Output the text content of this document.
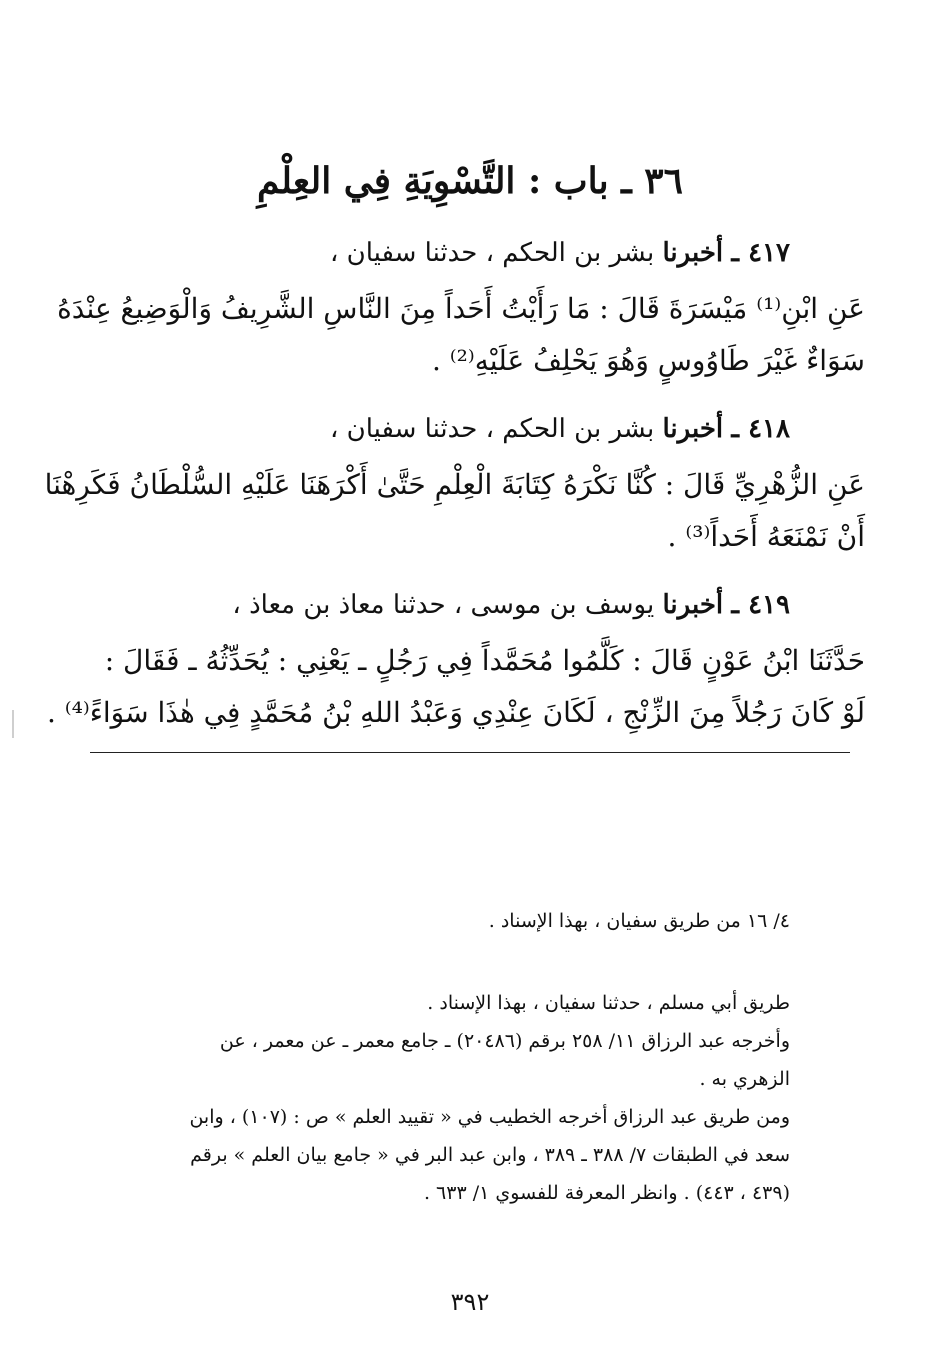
٣٦ ـ باب : التَّسْوِيَةِ فِي العِلْمِ
٤١٧ ـ أخبرنا بشر بن الحكم ، حدثنا سفيان ،
عَنِ ابْنِ⁽¹⁾ مَيْسَرَةَ قَالَ : مَا رَأَيْتُ أَحَداً مِنَ النَّاسِ الشَّرِيفُ وَالْوَضِيعُ عِنْدَهُ
سَوَاءٌ غَيْرَ طَاوُوسٍ وَهُوَ يَحْلِفُ عَلَيْهِ⁽²⁾ .
٤١٨ ـ أخبرنا بشر بن الحكم ، حدثنا سفيان ،
عَنِ الزُّهْرِيِّ قَالَ : كُنَّا نَكْرَهُ كِتَابَةَ الْعِلْمِ حَتَّىٰ أَكْرَهَنَا عَلَيْهِ السُّلْطَانُ فَكَرِهْنَا
أَنْ نَمْنَعَهُ أَحَداً⁽³⁾ .
٤١٩ ـ أخبرنا يوسف بن موسى ، حدثنا معاذ بن معاذ ،
حَدَّثَنَا ابْنُ عَوْنٍ قَالَ : كَلَّمُوا مُحَمَّداً فِي رَجُلٍ ـ يَعْنِي : يُحَدِّثُهُ ـ فَقَالَ :
لَوْ كَانَ رَجُلاً مِنَ الزِّنْجِ ، لَكَانَ عِنْدِي وَعَبْدُ اللهِ بْنُ مُحَمَّدٍ فِي هٰذَا سَوَاءً⁽⁴⁾ .
٤/ ١٦ من طريق سفيان ، بهذا الإسناد .
طريق أبي مسلم ، حدثنا سفيان ، بهذا الإسناد .
وأخرجه عبد الرزاق ١١/ ٢٥٨ برقم (٢٠٤٨٦) ـ جامع معمر ـ عن معمر ، عن
الزهري به .
ومن طريق عبد الرزاق أخرجه الخطيب في « تقييد العلم » ص : (١٠٧) ، وابن
سعد في الطبقات ٧/ ٣٨٨ ـ ٣٨٩ ، وابن عبد البر في « جامع بيان العلم » برقم
(٤٣٩ ، ٤٤٣) . وانظر المعرفة للفسوي ١/ ٦٣٣ .
٣٩٢
